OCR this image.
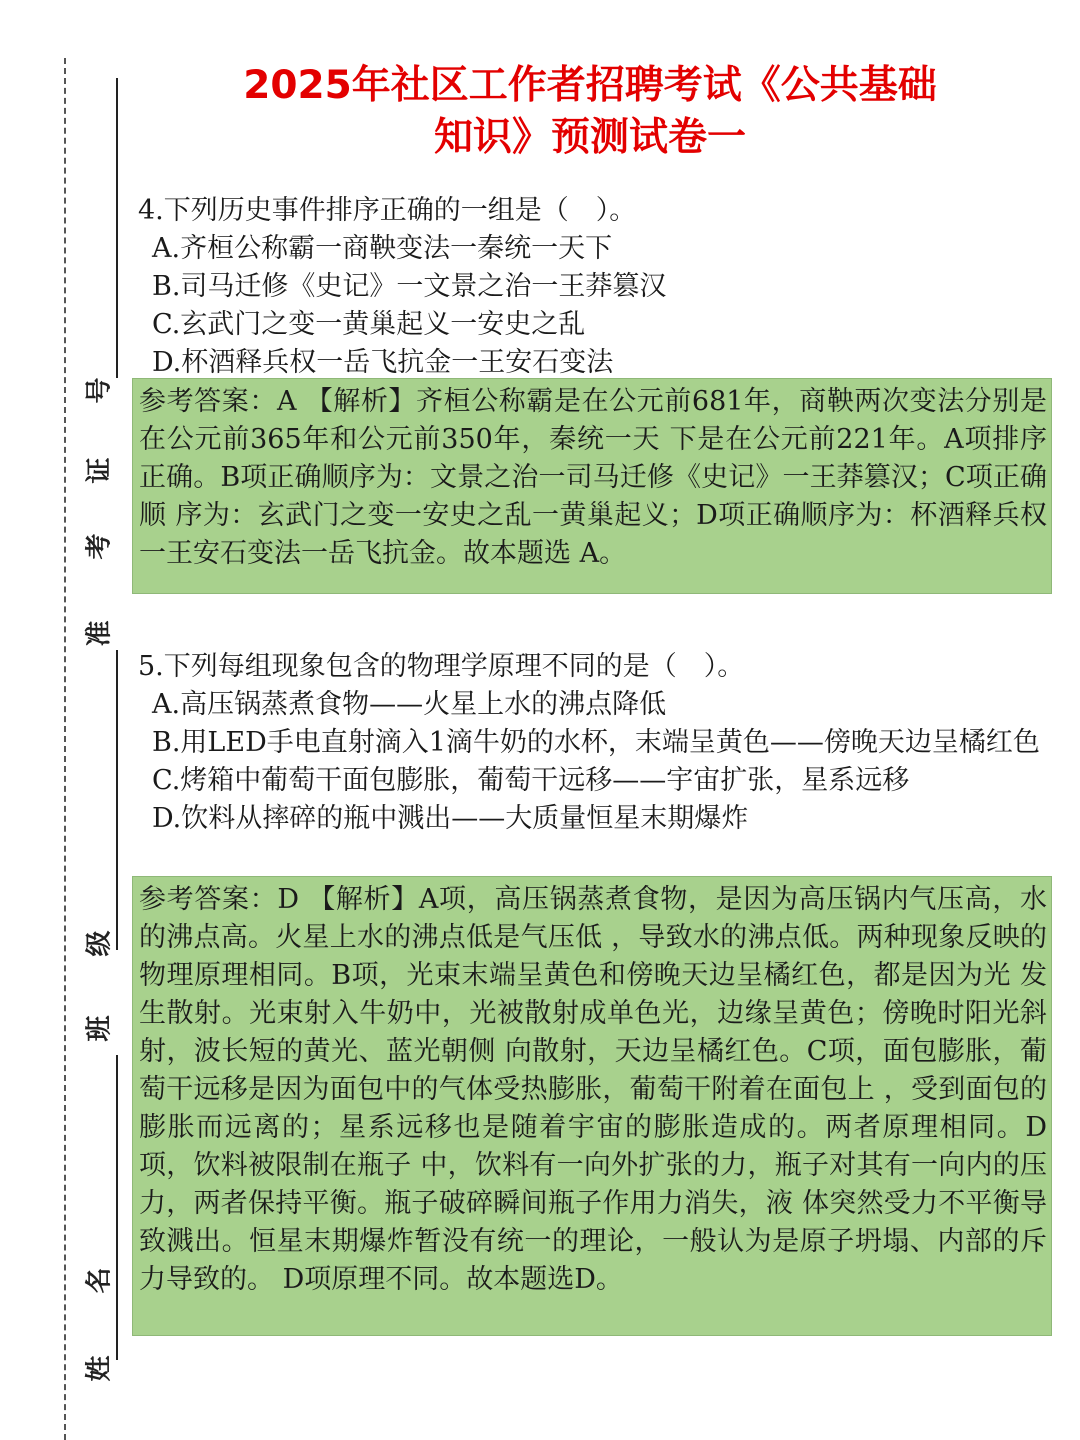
号
证
考
准
级
班
名
姓
2025年社区工作者招聘考试《公共基础
知识》预测试卷一

4.下列历史事件排序正确的一组是（　）。

A.齐桓公称霸一商鞅变法一秦统一天下

B.司马迁修《史记》一文景之治一王莽篡汉

C.玄武门之变一黄巢起义一安史之乱

D.杯酒释兵权一岳飞抗金一王安石变法

参考答案：A 【解析】齐桓公称霸是在公元前681年，商鞅两次变法分别是在公元前365年和公元前350年，秦统一天 下是在公元前221年。A项排序正确。B项正确顺序为：文景之治一司马迁修《史记》一王莽篡汉；C项正确顺 序为：玄武门之变一安史之乱一黄巢起义；D项正确顺序为：杯酒释兵权一王安石变法一岳飞抗金。故本题选 A。

5.下列每组现象包含的物理学原理不同的是（　）。

A.高压锅蒸煮食物——火星上水的沸点降低

B.用LED手电直射滴入1滴牛奶的水杯，末端呈黄色——傍晚天边呈橘红色

C.烤箱中葡萄干面包膨胀，葡萄干远移——宇宙扩张，星系远移

D.饮料从摔碎的瓶中溅出——大质量恒星末期爆炸

参考答案：D 【解析】A项，高压锅蒸煮食物，是因为高压锅内气压高，水的沸点高。火星上水的沸点低是气压低 ，导致水的沸点低。两种现象反映的物理原理相同。B项，光束末端呈黄色和傍晚天边呈橘红色，都是因为光 发生散射。光束射入牛奶中，光被散射成单色光，边缘呈黄色；傍晚时阳光斜射，波长短的黄光、蓝光朝侧 向散射，天边呈橘红色。C项，面包膨胀，葡萄干远移是因为面包中的气体受热膨胀，葡萄干附着在面包上 ，受到面包的膨胀而远离的；星系远移也是随着宇宙的膨胀造成的。两者原理相同。D项，饮料被限制在瓶子 中，饮料有一向外扩张的力，瓶子对其有一向内的压力，两者保持平衡。瓶子破碎瞬间瓶子作用力消失，液 体突然受力不平衡导致溅出。恒星末期爆炸暂没有统一的理论，一般认为是原子坍塌、内部的斥力导致的。 D项原理不同。故本题选D。
